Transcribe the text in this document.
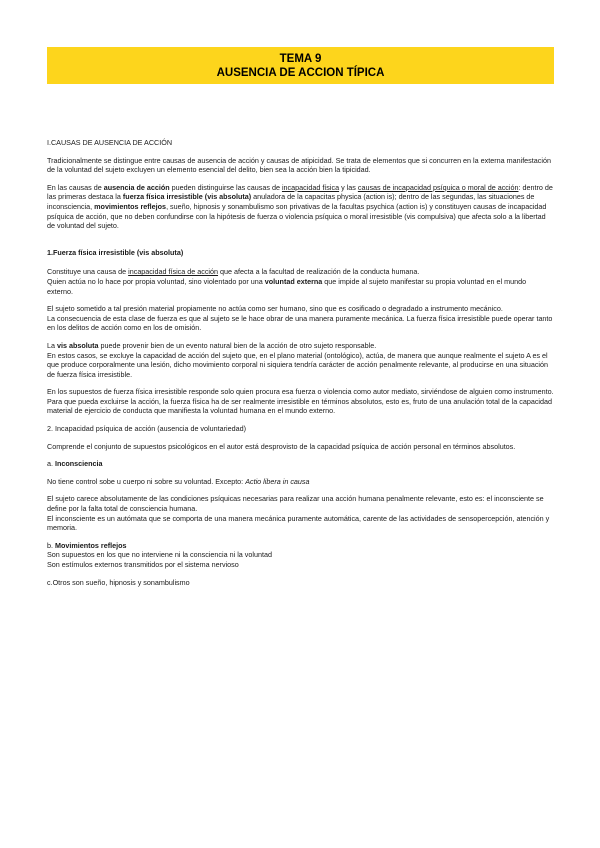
TEMA 9
AUSENCIA DE ACCION TÍPICA

I.CAUSAS DE AUSENCIA DE ACCIÓN

Tradicionalmente se distingue entre causas de ausencia de acción y causas de atipicidad. Se trata de elementos que si concurren en la externa manifestación de la voluntad del sujeto excluyen un elemento esencial del delito, bien sea la acción bien la tipicidad.

En las causas de ausencia de acción pueden distinguirse las causas de incapacidad física y las causas de incapacidad psíquica o moral de acción: dentro de las primeras destaca la fuerza física irresistible (vis absoluta) anuladora de la capacitas physica (action is); dentro de las segundas, las situaciones de inconsciencia, movimientos reflejos, sueño, hipnosis y sonambulismo son privativas de la facultas psychica (action is) y constituyen causas de incapacidad psíquica de acción, que no deben confundirse con la hipótesis de fuerza o violencia psíquica o moral irresistible (vis compulsiva) que afecta solo a la libertad de voluntad del sujeto.

1.Fuerza física irresistible (vis absoluta)

Constituye una causa de incapacidad física de acción que afecta a la facultad de realización de la conducta humana.

Quien actúa no lo hace por propia voluntad, sino violentado por una voluntad externa que impide al sujeto manifestar su propia voluntad en el mundo externo.

El sujeto sometido a tal presión material propiamente no actúa como ser humano, sino que es cosificado o degradado a instrumento mecánico.

La consecuencia de esta clase de fuerza es que al sujeto se le hace obrar de una manera puramente mecánica. La fuerza física irresistible puede operar tanto en los delitos de acción como en los de omisión.

La vis absoluta puede provenir bien de un evento natural bien de la acción de otro sujeto responsable.

En estos casos, se excluye la capacidad de acción del sujeto que, en el plano material (ontológico), actúa, de manera que aunque realmente el sujeto A es el que produce corporalmente una lesión, dicho movimiento corporal ni siquiera tendría carácter de acción penalmente relevante, al producirse en una situación de fuerza física irresistible.

En los supuestos de fuerza física irresistible responde solo quien procura esa fuerza o violencia como autor mediato, sirviéndose de alguien como instrumento.

Para que pueda excluirse la acción, la fuerza física ha de ser realmente irresistible en términos absolutos, esto es, fruto de una anulación total de la capacidad material de ejercicio de conducta que manifiesta la voluntad humana en el mundo externo.

2. Incapacidad psíquica de acción (ausencia de voluntariedad)

Comprende el conjunto de supuestos psicológicos en el autor está desprovisto de la capacidad psíquica de acción personal en términos absolutos.

a. Inconsciencia

No tiene control sobe u cuerpo ni sobre su voluntad. Excepto: Actio libera in causa

El sujeto carece absolutamente de las condiciones psíquicas necesarias para realizar una acción humana penalmente relevante, esto es: el inconsciente se define por la falta total de consciencia humana.

El inconsciente es un autómata que se comporta de una manera mecánica puramente automática, carente de las actividades de sensopercepción, atención y memoria.

b. Movimientos reflejos

Son supuestos en los que no interviene ni la consciencia ni la voluntad

Son estímulos externos transmitidos por el sistema nervioso

c.Otros son sueño, hipnosis y sonambulismo
